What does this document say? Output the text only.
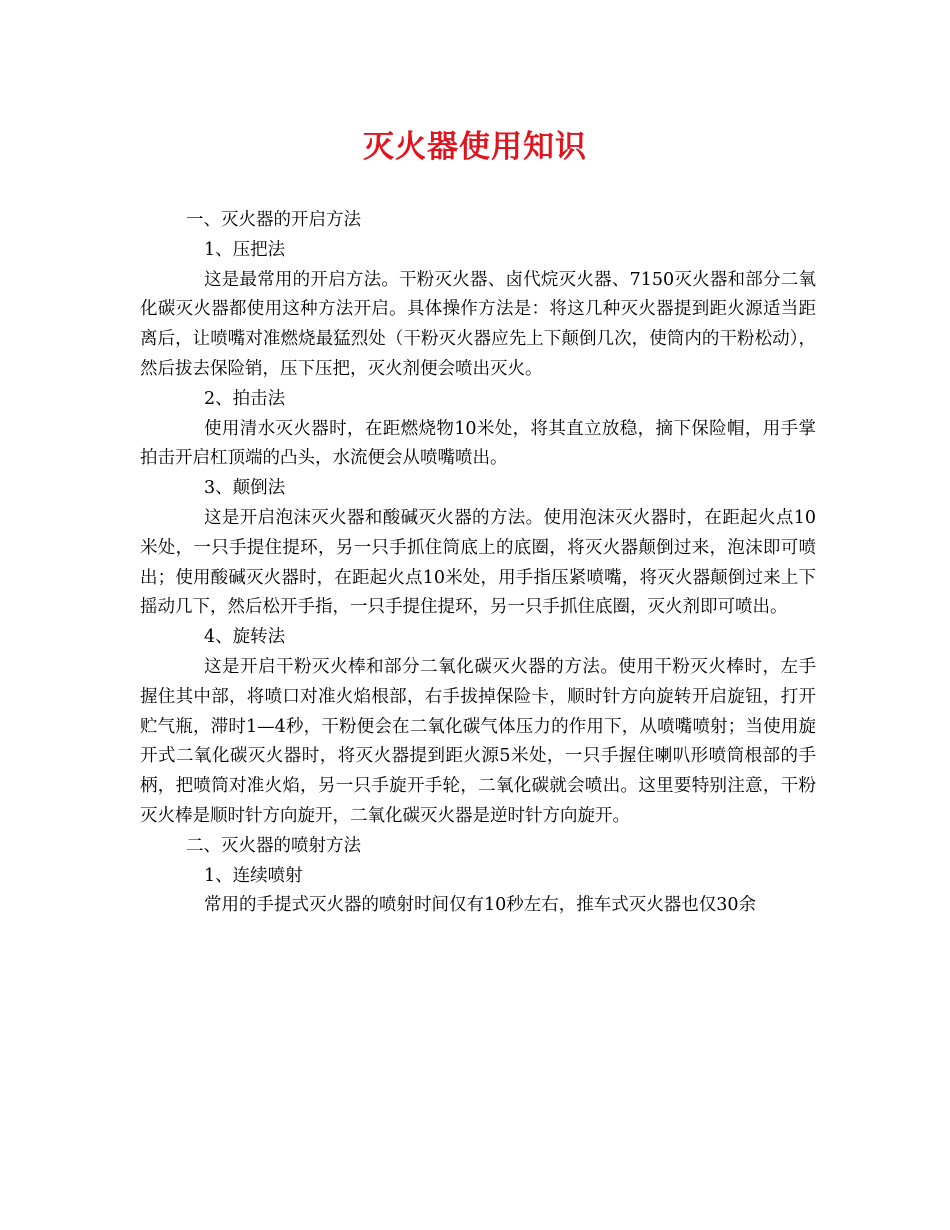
灭火器使用知识

一、灭火器的开启方法

1、压把法

这是最常用的开启方法。干粉灭火器、卤代烷灭火器、7150灭火器和部分二氧化碳灭火器都使用这种方法开启。具体操作方法是：将这几种灭火器提到距火源适当距离后，让喷嘴对准燃烧最猛烈处（干粉灭火器应先上下颠倒几次，使筒内的干粉松动），然后拔去保险销，压下压把，灭火剂便会喷出灭火。

2、拍击法

使用清水灭火器时，在距燃烧物10米处，将其直立放稳，摘下保险帽，用手掌拍击开启杠顶端的凸头，水流便会从喷嘴喷出。

3、颠倒法

这是开启泡沫灭火器和酸碱灭火器的方法。使用泡沫灭火器时，在距起火点10米处，一只手提住提环，另一只手抓住筒底上的底圈，将灭火器颠倒过来，泡沫即可喷出；使用酸碱灭火器时，在距起火点10米处，用手指压紧喷嘴，将灭火器颠倒过来上下摇动几下，然后松开手指，一只手提住提环，另一只手抓住底圈，灭火剂即可喷出。

4、旋转法

这是开启干粉灭火棒和部分二氧化碳灭火器的方法。使用干粉灭火棒时，左手握住其中部，将喷口对准火焰根部，右手拔掉保险卡，顺时针方向旋转开启旋钮，打开贮气瓶，滞时1—4秒，干粉便会在二氧化碳气体压力的作用下，从喷嘴喷射；当使用旋开式二氧化碳灭火器时，将灭火器提到距火源5米处，一只手握住喇叭形喷筒根部的手柄，把喷筒对准火焰，另一只手旋开手轮，二氧化碳就会喷出。这里要特别注意，干粉灭火棒是顺时针方向旋开，二氧化碳灭火器是逆时针方向旋开。

二、灭火器的喷射方法

1、连续喷射

常用的手提式灭火器的喷射时间仅有10秒左右，推车式灭火器也仅30余
